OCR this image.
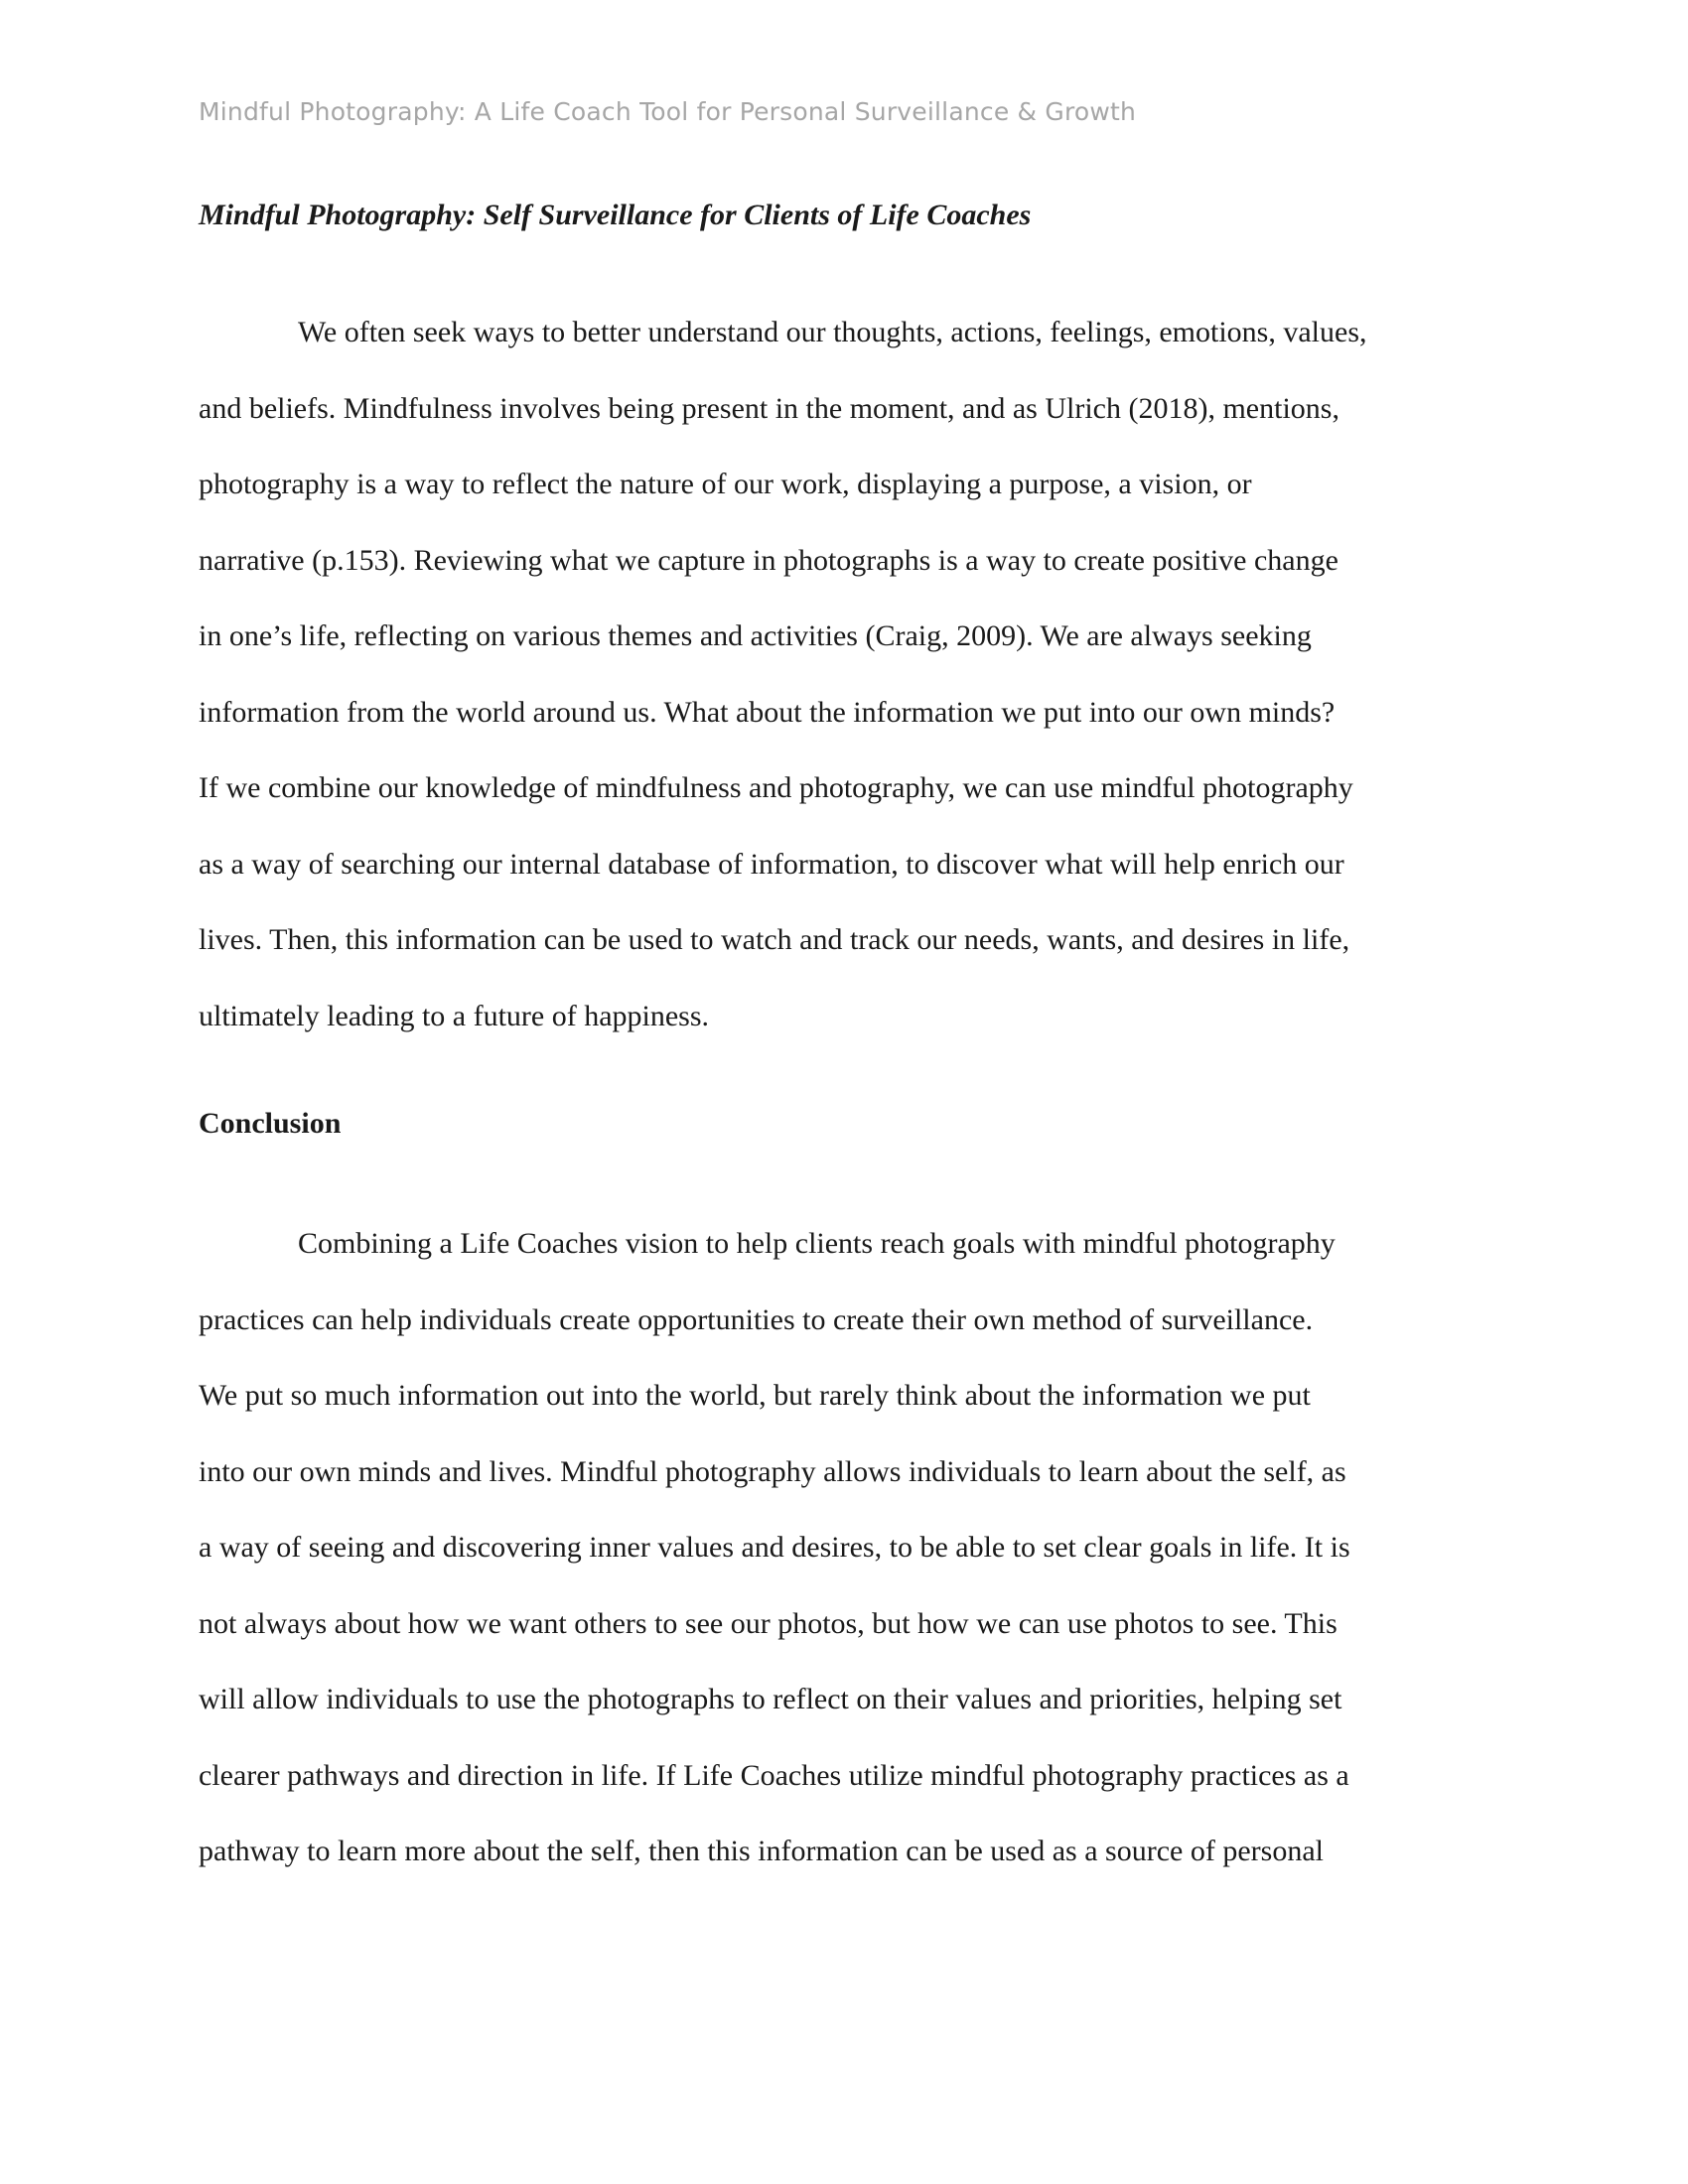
Mindful Photography: A Life Coach Tool for Personal Surveillance & Growth
Mindful Photography: Self Surveillance for Clients of Life Coaches
We often seek ways to better understand our thoughts, actions, feelings, emotions, values,
and beliefs. Mindfulness involves being present in the moment, and as Ulrich (2018), mentions,
photography is a way to reflect the nature of our work, displaying a purpose, a vision, or
narrative (p.153). Reviewing what we capture in photographs is a way to create positive change
in one’s life, reflecting on various themes and activities (Craig, 2009). We are always seeking
information from the world around us. What about the information we put into our own minds?
If we combine our knowledge of mindfulness and photography, we can use mindful photography
as a way of searching our internal database of information, to discover what will help enrich our
lives. Then, this information can be used to watch and track our needs, wants, and desires in life,
ultimately leading to a future of happiness.
Conclusion
Combining a Life Coaches vision to help clients reach goals with mindful photography
practices can help individuals create opportunities to create their own method of surveillance.
We put so much information out into the world, but rarely think about the information we put
into our own minds and lives. Mindful photography allows individuals to learn about the self, as
a way of seeing and discovering inner values and desires, to be able to set clear goals in life. It is
not always about how we want others to see our photos, but how we can use photos to see. This
will allow individuals to use the photographs to reflect on their values and priorities, helping set
clearer pathways and direction in life. If Life Coaches utilize mindful photography practices as a
pathway to learn more about the self, then this information can be used as a source of personal
